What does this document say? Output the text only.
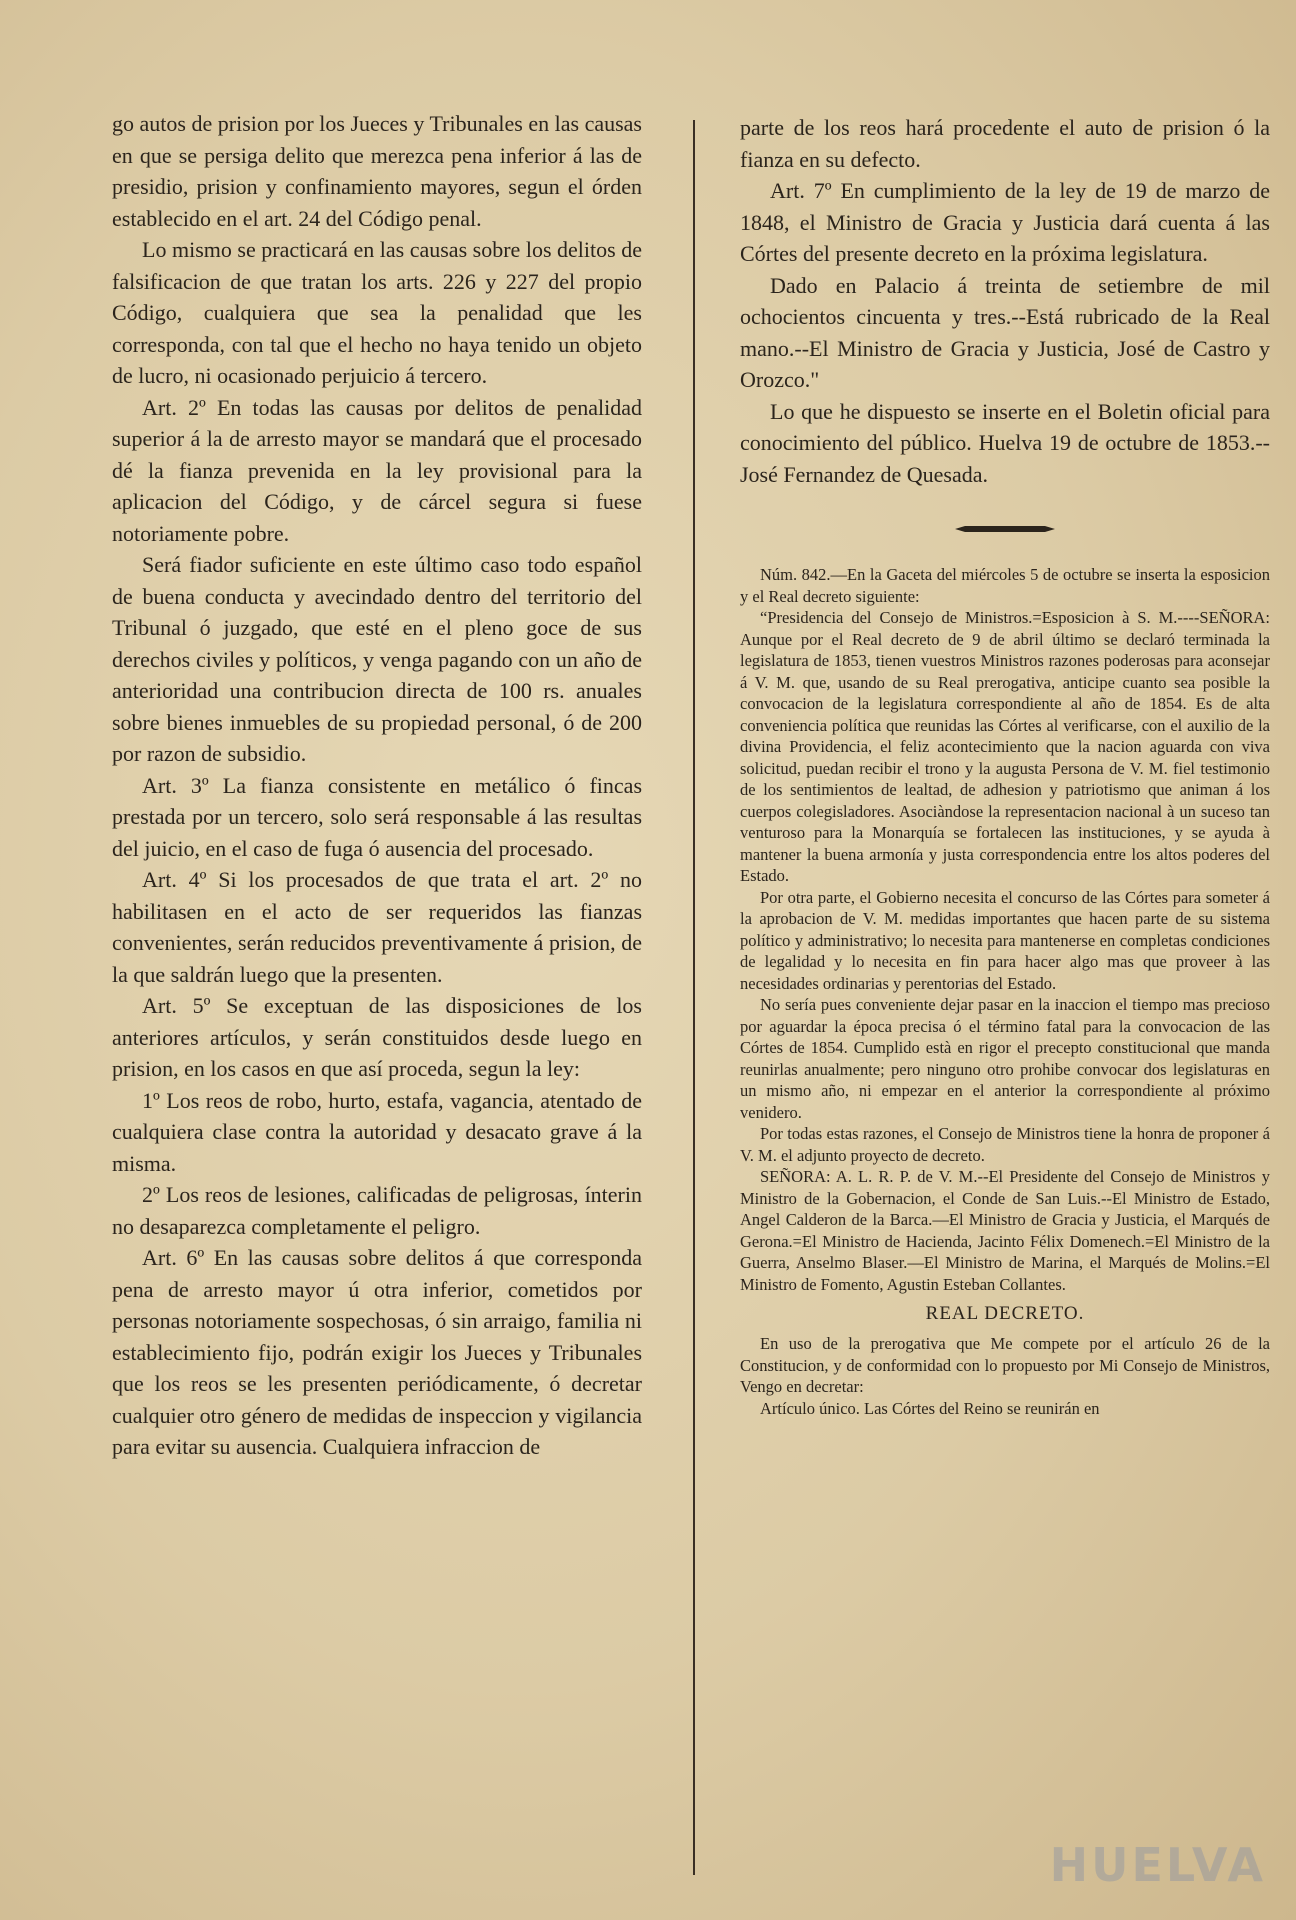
go autos de prision por los Jueces y Tribunales en las causas en que se persiga delito que merezca pena inferior á las de presidio, prision y confinamiento mayores, segun el órden establecido en el art. 24 del Código penal.

Lo mismo se practicará en las causas sobre los delitos de falsificacion de que tratan los arts. 226 y 227 del propio Código, cualquiera que sea la penalidad que les corresponda, con tal que el hecho no haya tenido un objeto de lucro, ni ocasionado perjuicio á tercero.

Art. 2º En todas las causas por delitos de penalidad superior á la de arresto mayor se mandará que el procesado dé la fianza prevenida en la ley provisional para la aplicacion del Código, y de cárcel segura si fuese notoriamente pobre.

Será fiador suficiente en este último caso todo español de buena conducta y avecindado dentro del territorio del Tribunal ó juzgado, que esté en el pleno goce de sus derechos civiles y políticos, y venga pagando con un año de anterioridad una contribucion directa de 100 rs. anuales sobre bienes inmuebles de su propiedad personal, ó de 200 por razon de subsidio.

Art. 3º La fianza consistente en metálico ó fincas prestada por un tercero, solo será responsable á las resultas del juicio, en el caso de fuga ó ausencia del procesado.

Art. 4º Si los procesados de que trata el art. 2º no habilitasen en el acto de ser requeridos las fianzas convenientes, serán reducidos preventivamente á prision, de la que saldrán luego que la presenten.

Art. 5º Se exceptuan de las disposiciones de los anteriores artículos, y serán constituidos desde luego en prision, en los casos en que así proceda, segun la ley:

1º Los reos de robo, hurto, estafa, vagancia, atentado de cualquiera clase contra la autoridad y desacato grave á la misma.

2º Los reos de lesiones, calificadas de peligrosas, ínterin no desaparezca completamente el peligro.

Art. 6º En las causas sobre delitos á que corresponda pena de arresto mayor ú otra inferior, cometidos por personas notoriamente sospechosas, ó sin arraigo, familia ni establecimiento fijo, podrán exigir los Jueces y Tribunales que los reos se les presenten periódicamente, ó decretar cualquier otro género de medidas de inspeccion y vigilancia para evitar su ausencia. Cualquiera infraccion de

parte de los reos hará procedente el auto de prision ó la fianza en su defecto.

Art. 7º En cumplimiento de la ley de 19 de marzo de 1848, el Ministro de Gracia y Justicia dará cuenta á las Córtes del presente decreto en la próxima legislatura.

Dado en Palacio á treinta de setiembre de mil ochocientos cincuenta y tres.--Está rubricado de la Real mano.--El Ministro de Gracia y Justicia, José de Castro y Orozco."

Lo que he dispuesto se inserte en el Boletin oficial para conocimiento del público. Huelva 19 de octubre de 1853.--José Fernandez de Quesada.

Núm. 842.—En la Gaceta del miércoles 5 de octubre se inserta la esposicion y el Real decreto siguiente:

“Presidencia del Consejo de Ministros.=Esposicion à S. M.----SEÑORA: Aunque por el Real decreto de 9 de abril último se declaró terminada la legislatura de 1853, tienen vuestros Ministros razones poderosas para aconsejar á V. M. que, usando de su Real prerogativa, anticipe cuanto sea posible la convocacion de la legislatura correspondiente al año de 1854. Es de alta conveniencia política que reunidas las Córtes al verificarse, con el auxilio de la divina Providencia, el feliz acontecimiento que la nacion aguarda con viva solicitud, puedan recibir el trono y la augusta Persona de V. M. fiel testimonio de los sentimientos de lealtad, de adhesion y patriotismo que animan á los cuerpos colegisladores. Asociàndose la representacion nacional à un suceso tan venturoso para la Monarquía se fortalecen las instituciones, y se ayuda à mantener la buena armonía y justa correspondencia entre los altos poderes del Estado.

Por otra parte, el Gobierno necesita el concurso de las Córtes para someter á la aprobacion de V. M. medidas importantes que hacen parte de su sistema político y administrativo; lo necesita para mantenerse en completas condiciones de legalidad y lo necesita en fin para hacer algo mas que proveer à las necesidades ordinarias y perentorias del Estado.

No sería pues conveniente dejar pasar en la inaccion el tiempo mas precioso por aguardar la época precisa ó el término fatal para la convocacion de las Córtes de 1854. Cumplido està en rigor el precepto constitucional que manda reunirlas anualmente; pero ninguno otro prohibe convocar dos legislaturas en un mismo año, ni empezar en el anterior la correspondiente al próximo venidero.

Por todas estas razones, el Consejo de Ministros tiene la honra de proponer á V. M. el adjunto proyecto de decreto.

SEÑORA: A. L. R. P. de V. M.--El Presidente del Consejo de Ministros y Ministro de la Gobernacion, el Conde de San Luis.--El Ministro de Estado, Angel Calderon de la Barca.—El Ministro de Gracia y Justicia, el Marqués de Gerona.=El Ministro de Hacienda, Jacinto Félix Domenech.=El Ministro de la Guerra, Anselmo Blaser.—El Ministro de Marina, el Marqués de Molins.=El Ministro de Fomento, Agustin Esteban Collantes.

REAL DECRETO.

En uso de la prerogativa que Me compete por el artículo 26 de la Constitucion, y de conformidad con lo propuesto por Mi Consejo de Ministros, Vengo en decretar:

Artículo único. Las Córtes del Reino se reunirán en

HUELVA
